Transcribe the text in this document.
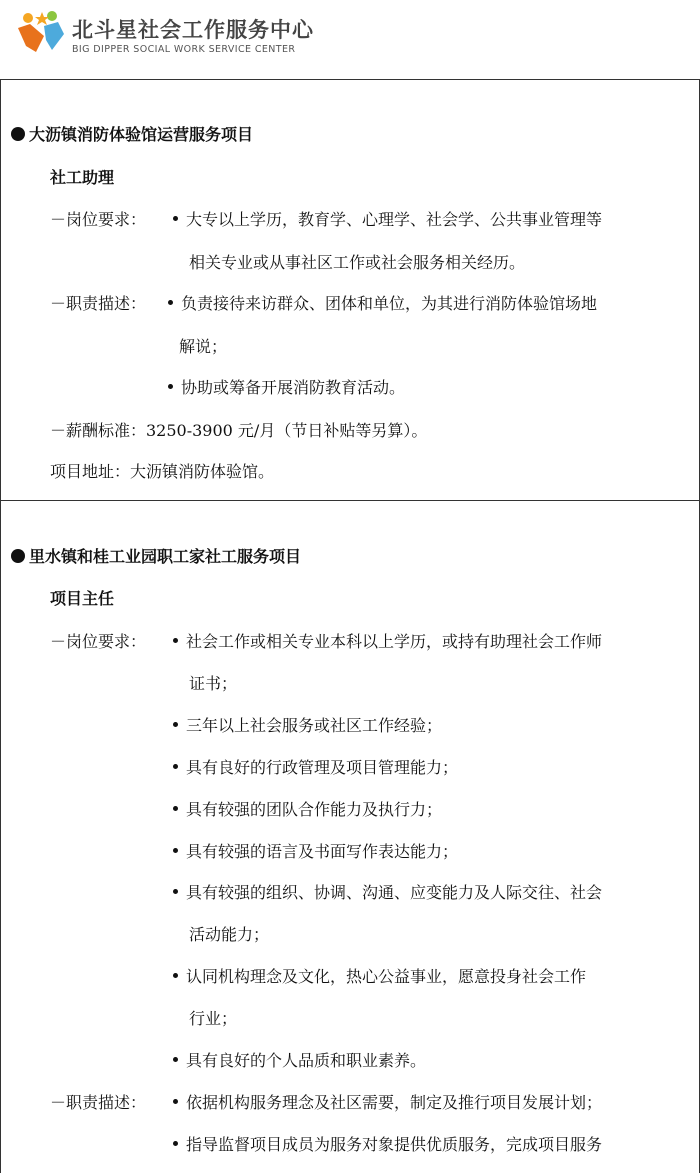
北斗星社会工作服务中心
BIG DIPPER SOCIAL WORK SERVICE CENTER
大沥镇消防体验馆运营服务项目
社工助理
－岗位要求：	大专以上学历，教育学、心理学、社会学、公共事业管理等
相关专业或从事社区工作或社会服务相关经历。
－职责描述：	负责接待来访群众、团体和单位，为其进行消防体验馆场地
解说；
协助或筹备开展消防教育活动。
－薪酬标准：3250-3900 元/月（节日补贴等另算）。
项目地址：大沥镇消防体验馆。
里水镇和桂工业园职工家社工服务项目
项目主任
－岗位要求：	社会工作或相关专业本科以上学历，或持有助理社会工作师
证书；
三年以上社会服务或社区工作经验；
具有良好的行政管理及项目管理能力；
具有较强的团队合作能力及执行力；
具有较强的语言及书面写作表达能力；
具有较强的组织、协调、沟通、应变能力及人际交往、社会
活动能力；
认同机构理念及文化，热心公益事业，愿意投身社会工作
行业；
具有良好的个人品质和职业素养。
－职责描述：	依据机构服务理念及社区需要，制定及推行项目发展计划；
指导监督项目成员为服务对象提供优质服务，完成项目服务
